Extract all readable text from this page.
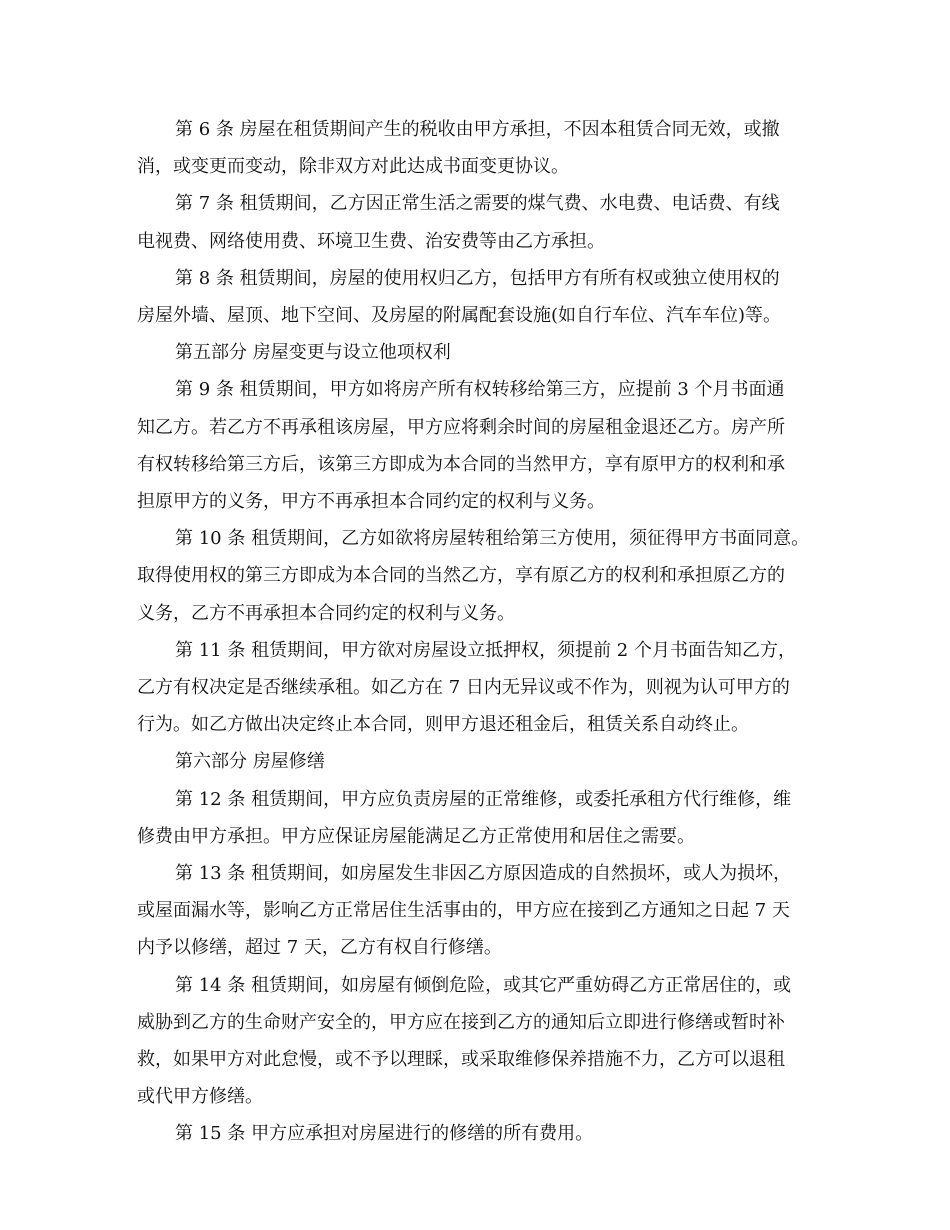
第 6 条 房屋在租赁期间产生的税收由甲方承担，不因本租赁合同无效，或撤
消，或变更而变动，除非双方对此达成书面变更协议。

第 7 条 租赁期间，乙方因正常生活之需要的煤气费、水电费、电话费、有线
电视费、网络使用费、环境卫生费、治安费等由乙方承担。

第 8 条 租赁期间，房屋的使用权归乙方，包括甲方有所有权或独立使用权的
房屋外墙、屋顶、地下空间、及房屋的附属配套设施(如自行车位、汽车车位)等。

第五部分 房屋变更与设立他项权利

第 9 条 租赁期间，甲方如将房产所有权转移给第三方，应提前 3 个月书面通
知乙方。若乙方不再承租该房屋，甲方应将剩余时间的房屋租金退还乙方。房产所
有权转移给第三方后，该第三方即成为本合同的当然甲方，享有原甲方的权利和承
担原甲方的义务，甲方不再承担本合同约定的权利与义务。

第 10 条 租赁期间，乙方如欲将房屋转租给第三方使用，须征得甲方书面同意。
取得使用权的第三方即成为本合同的当然乙方，享有原乙方的权利和承担原乙方的
义务，乙方不再承担本合同约定的权利与义务。

第 11 条 租赁期间，甲方欲对房屋设立抵押权，须提前 2 个月书面告知乙方，
乙方有权决定是否继续承租。如乙方在 7 日内无异议或不作为，则视为认可甲方的
行为。如乙方做出决定终止本合同，则甲方退还租金后，租赁关系自动终止。

第六部分 房屋修缮

第 12 条 租赁期间，甲方应负责房屋的正常维修，或委托承租方代行维修，维
修费由甲方承担。甲方应保证房屋能满足乙方正常使用和居住之需要。

第 13 条 租赁期间，如房屋发生非因乙方原因造成的自然损坏，或人为损坏，
或屋面漏水等，影响乙方正常居住生活事由的，甲方应在接到乙方通知之日起 7 天
内予以修缮，超过 7 天，乙方有权自行修缮。

第 14 条 租赁期间，如房屋有倾倒危险，或其它严重妨碍乙方正常居住的，或
威胁到乙方的生命财产安全的，甲方应在接到乙方的通知后立即进行修缮或暂时补
救，如果甲方对此怠慢，或不予以理睬，或采取维修保养措施不力，乙方可以退租
或代甲方修缮。

第 15 条 甲方应承担对房屋进行的修缮的所有费用。
